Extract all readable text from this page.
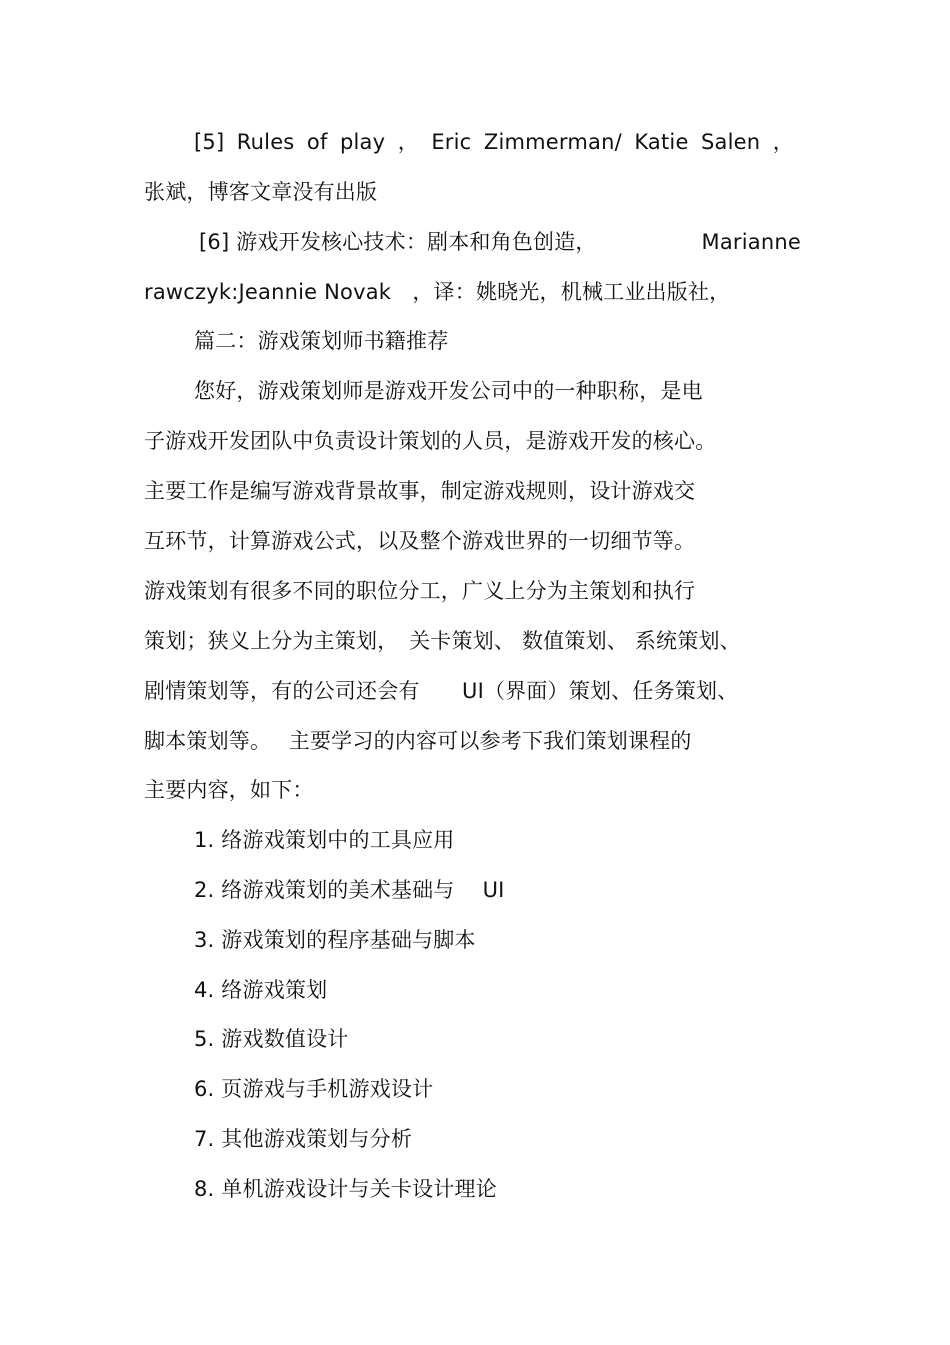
[5] Rules of play ， Eric Zimmerman/ Katie Salen ，
张斌，博客文章没有出版
[6] 游戏开发核心技术：剧本和角色创造，	Marianne
rawczyk:Jeannie Novak　，译：姚晓光，机械工业出版社，
篇二：游戏策划师书籍推荐
您好，游戏策划师是游戏开发公司中的一种职称，是电
子游戏开发团队中负责设计策划的人员，是游戏开发的核心。
主要工作是编写游戏背景故事，制定游戏规则，设计游戏交
互环节，计算游戏公式，以及整个游戏世界的一切细节等。
游戏策划有很多不同的职位分工，广义上分为主策划和执行
策划；狭义上分为主策划，　关卡策划、 数值策划、 系统策划、
剧情策划等，有的公司还会有　　UI（界面）策划、任务策划、
脚本策划等。　 主要学习的内容可以参考下我们策划课程的
主要内容，如下：
1. 络游戏策划中的工具应用
2. 络游戏策划的美术基础与　 UI
3. 游戏策划的程序基础与脚本
4. 络游戏策划
5. 游戏数值设计
6. 页游戏与手机游戏设计
7. 其他游戏策划与分析
8. 单机游戏设计与关卡设计理论
